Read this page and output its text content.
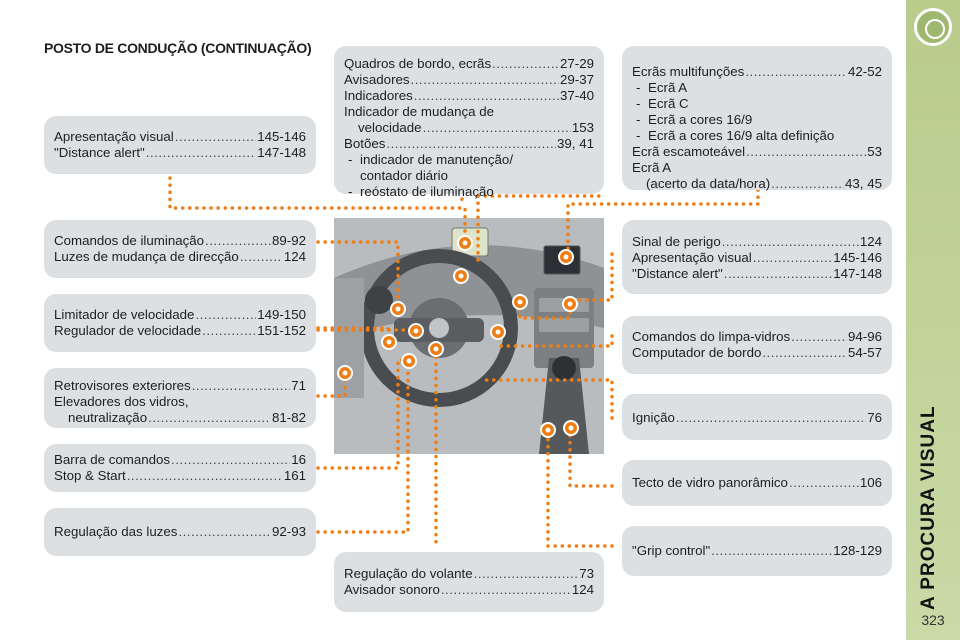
POSTO DE CONDUÇÃO (CONTINUAÇÃO)
Quadros de bordo, ecrãs .....	27-29
Avisadores .....	29-37
Indicadores .....	37-40
Indicador de mudança de
velocidade .....	153
Botões .....	39, 41
- indicador de manutenção/
contador diário
- reóstato de iluminação
Ecrãs multifunções .....	42-52
- Ecrã A
- Ecrã C
- Ecrã a cores 16/9
- Ecrã a cores 16/9 alta definição
Ecrã escamoteável .....	53
Ecrã A
(acerto da data/hora) .....	43, 45
Apresentação visual .....	145-146
"Distance alert" .....	147-148
Comandos de iluminação .....	89-92
Luzes de mudança de direcção .....	124
Limitador de velocidade .....	149-150
Regulador de velocidade .....	151-152
Retrovisores exteriores .....	71
Elevadores dos vidros,
neutralização .....	81-82
Barra de comandos .....	16
Stop & Start .....	161
Regulação das luzes .....	92-93
Sinal de perigo .....	124
Apresentação visual .....	145-146
"Distance alert" .....	147-148
Comandos do limpa-vidros .....	94-96
Computador de bordo .....	54-57
Ignição .....	76
Tecto de vidro panorâmico .....	106
"Grip control" .....	128-129
Regulação do volante .....	73
Avisador sonoro .....	124	A PROCURA VISUAL
323
